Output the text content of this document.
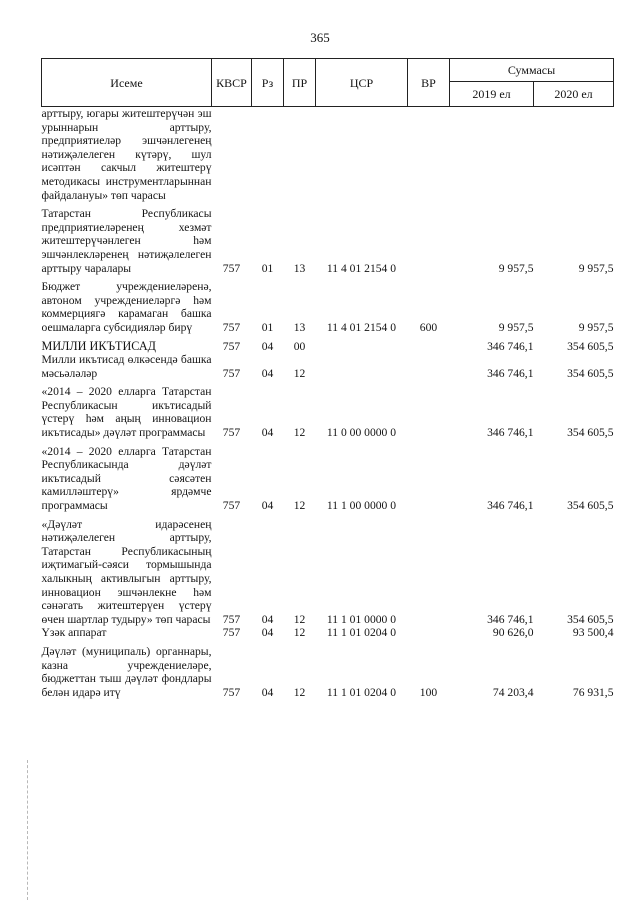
365
Исеме	КВСР	Рз	ПР	ЦСР	ВР	Суммасы	
						2019 ел	2020 ел
арттыру, югары житештерүчән эш урыннарын арттыру, предприятиеләр эшчәнлегенең нәтиҗәлелеген күтәрү, шул исәптән сакчыл житештерү методикасы инструментларыннан файдалануы» төп чарасы							
Татарстан Республикасы предприятиеләренең хезмәт житештерүчәнлеген һәм эшчәнлекләренең нәтиҗәлелеген арттыру чаралары	757	01	13	11 4 01 2154 0		9 957,5	9 957,5
Бюджет учреждениеләренә, автоном учреждениеләргә һәм коммерциягә карамаган башка оешмаларга субсидияләр бирү	757	01	13	11 4 01 2154 0	600	9 957,5	9 957,5
МИЛЛИ ИКЪТИСАД	757	04	00			346 746,1	354 605,5
Милли икътисад өлкәсендә башка мәсьәләләр	757	04	12			346 746,1	354 605,5
«2014 – 2020 елларга Татарстан Республикасын икътисадый үстерү һәм аңың инновацион икътисады» дәүләт программасы	757	04	12	11 0 00 0000 0		346 746,1	354 605,5
«2014 – 2020 елларга Татарстан Республикасында дәүләт икътисадый сәясәтен камилләштерү» ярдәмче программасы	757	04	12	11 1 00 0000 0		346 746,1	354 605,5
«Дәүләт идарәсенең нәтиҗәлелеген арттыру, Татарстан Республикасының иҗтимагый-сәяси тормышында халыкның активлыгын арттыру, инновацион эшчәнлекне һәм сәнәгать житештерүен үстерү өчен шартлар тудыру» төп чарасы	757	04	12	11 1 01 0000 0		346 746,1	354 605,5
Үзәк аппарат	757	04	12	11 1 01 0204 0		90 626,0	93 500,4
Дәүләт (муниципаль) органнары, казна учреждениеләре, бюджеттан тыш дәүләт фондлары белән идарә итү	757	04	12	11 1 01 0204 0	100	74 203,4	76 931,5
